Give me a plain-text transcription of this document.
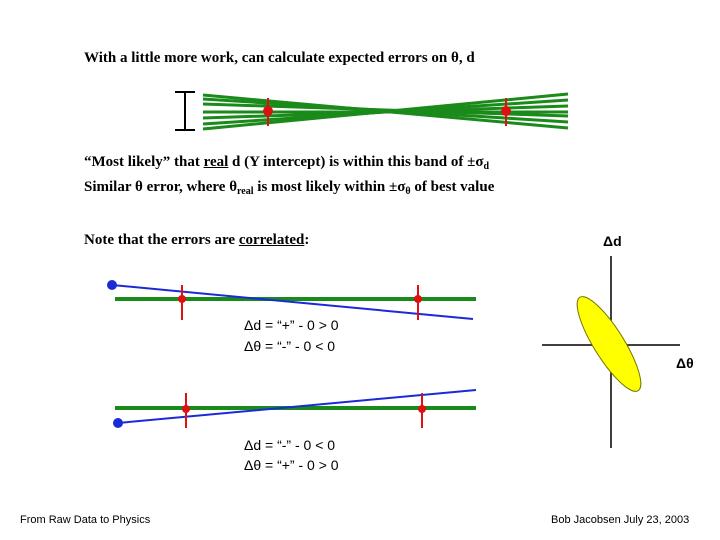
With a little more work, can calculate expected errors on θ, d
“Most likely” that real d (Y intercept) is within this band of $\pm\sigma_d$
Similar θ error, where $\theta_{real}$ is most likely within $\pm\sigma_\theta$ of best value
Note that the errors are correlated:	Δd
Δθ
Δd = “+” - 0 > 0
Δθ = “-” - 0 < 0
Δd = “-” - 0 < 0
Δθ = “+” - 0 > 0
From Raw Data to Physics	Bob Jacobsen July 23, 2003
